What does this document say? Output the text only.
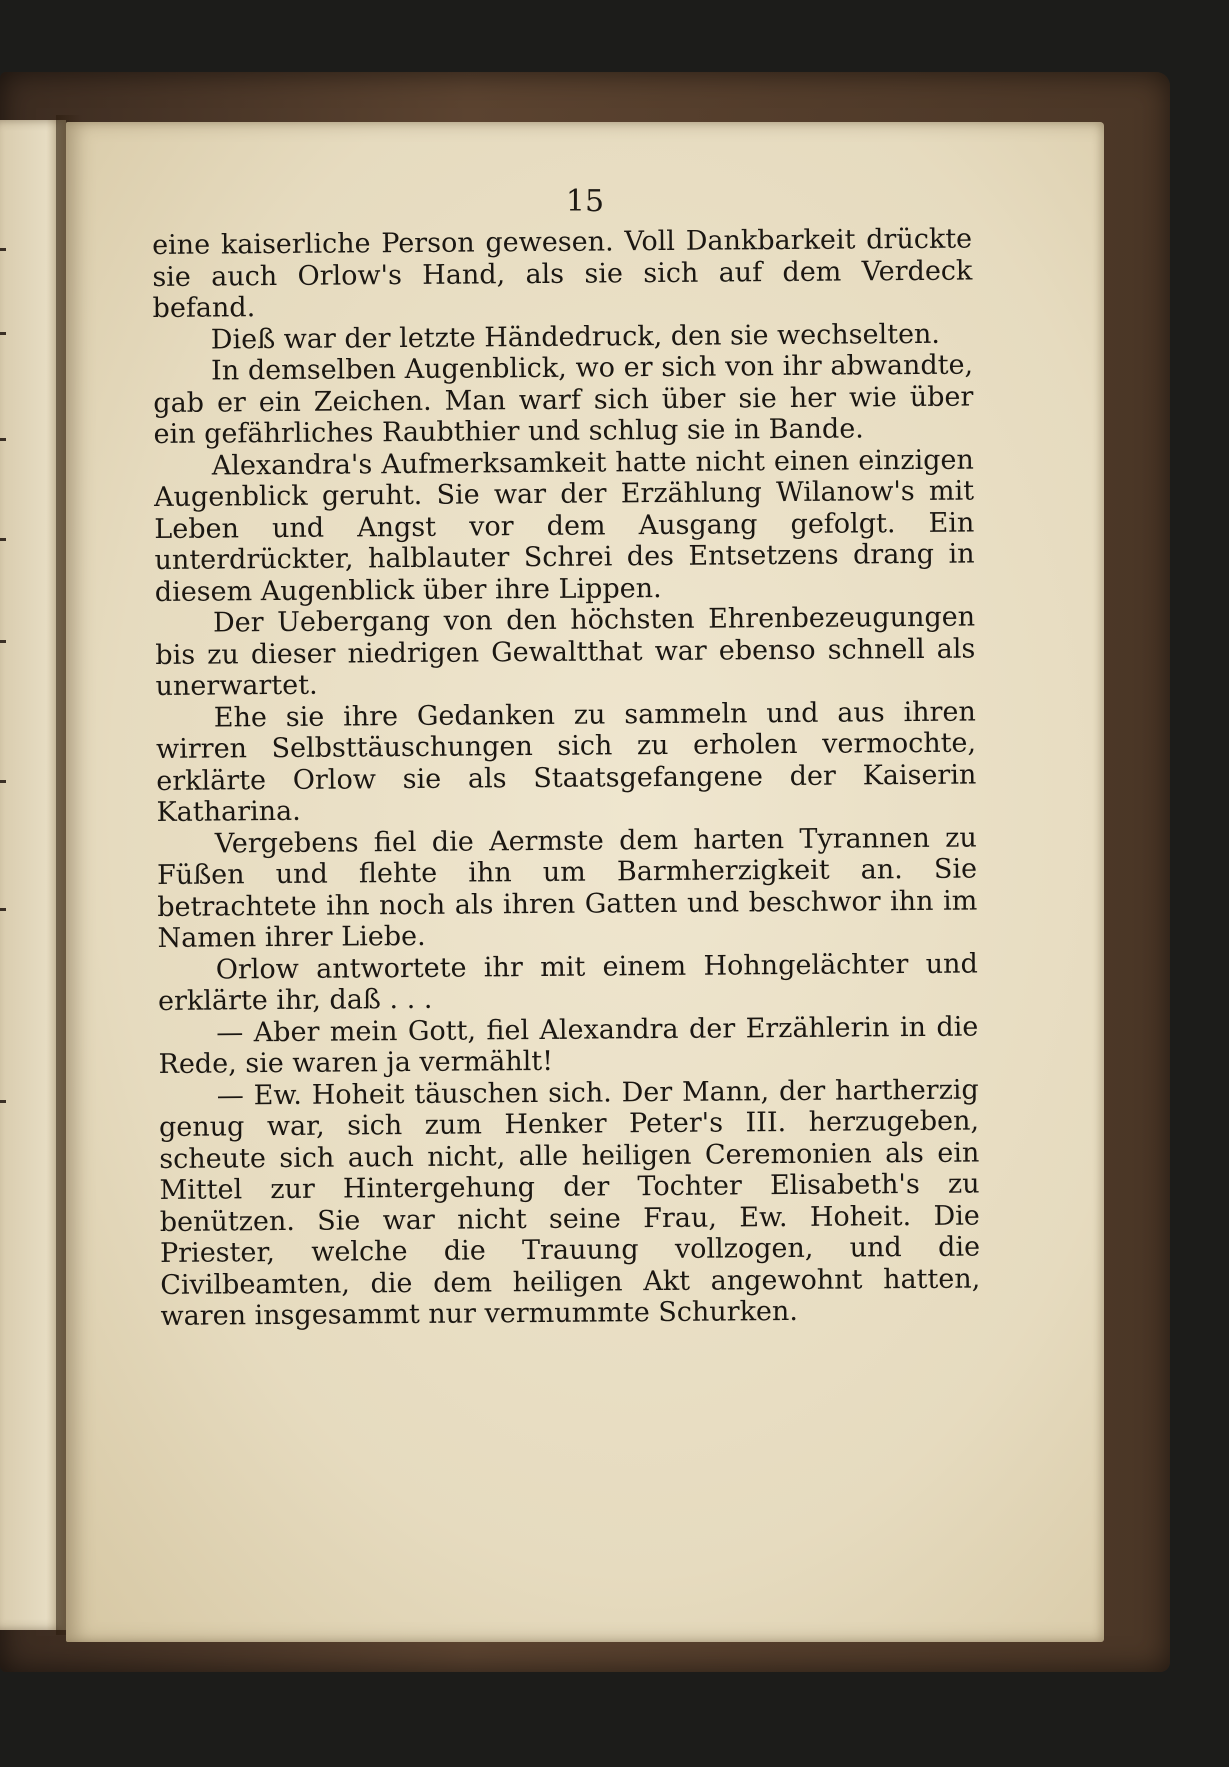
15

eine kaiserliche Person gewesen. Voll Dankbarkeit drückte sie auch Orlow's Hand, als sie sich auf dem Verdeck befand.

Dieß war der letzte Händedruck, den sie wechselten.

In demselben Augenblick, wo er sich von ihr abwandte, gab er ein Zeichen. Man warf sich über sie her wie über ein gefährliches Raubthier und schlug sie in Bande.

Alexandra's Aufmerksamkeit hatte nicht einen einzigen Augenblick geruht. Sie war der Erzählung Wilanow's mit Leben und Angst vor dem Ausgang gefolgt. Ein unterdrückter, halblauter Schrei des Entsetzens drang in diesem Augenblick über ihre Lippen.

Der Uebergang von den höchsten Ehrenbezeugungen bis zu dieser niedrigen Gewaltthat war ebenso schnell als unerwartet.

Ehe sie ihre Gedanken zu sammeln und aus ihren wirren Selbsttäuschungen sich zu erholen vermochte, erklärte Orlow sie als Staatsgefangene der Kaiserin Katharina.

Vergebens fiel die Aermste dem harten Tyrannen zu Füßen und flehte ihn um Barmherzigkeit an. Sie betrachtete ihn noch als ihren Gatten und beschwor ihn im Namen ihrer Liebe.

Orlow antwortete ihr mit einem Hohngelächter und erklärte ihr, daß . . .

— Aber mein Gott, fiel Alexandra der Erzählerin in die Rede, sie waren ja vermählt!

— Ew. Hoheit täuschen sich. Der Mann, der hartherzig genug war, sich zum Henker Peter's III. herzugeben, scheute sich auch nicht, alle heiligen Ceremonien als ein Mittel zur Hintergehung der Tochter Elisabeth's zu benützen. Sie war nicht seine Frau, Ew. Hoheit. Die Priester, welche die Trauung vollzogen, und die Civilbeamten, die dem heiligen Akt angewohnt hatten, waren insgesammt nur vermummte Schurken.
